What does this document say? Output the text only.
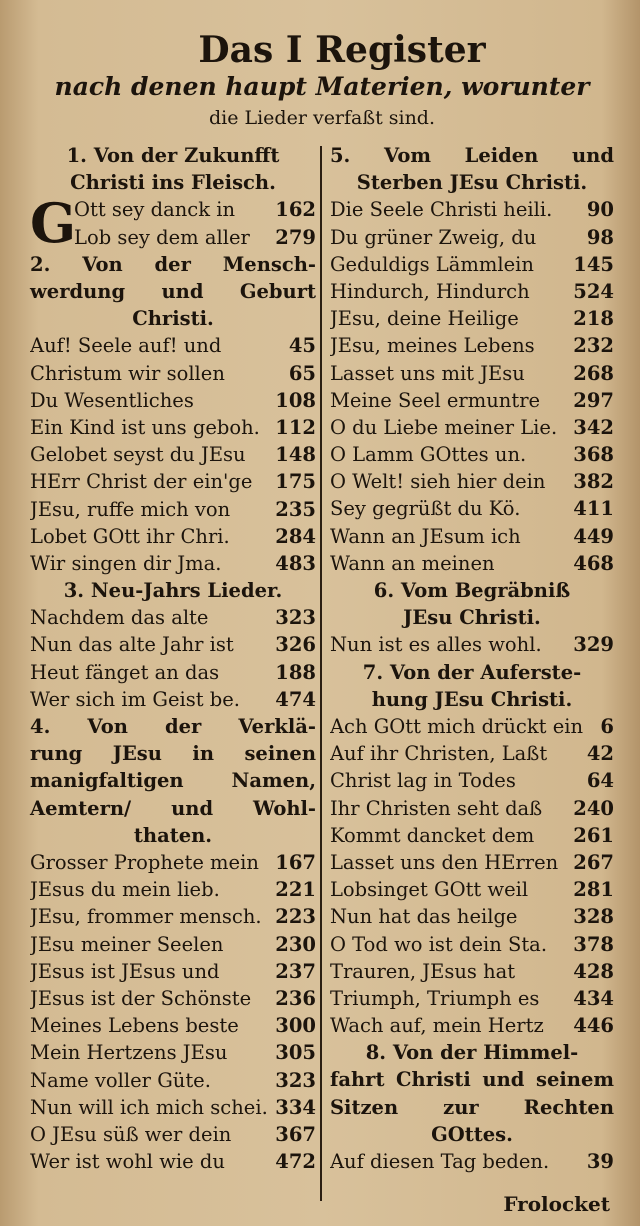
Das I Register
nach denen haupt Materien, worunter
die Lieder verfaßt sind.
1. Von der Zukunfft
Christi ins Fleisch.
G
Ott sey danck in 162
Lob sey dem aller 279
2. Von der Mensch-
werdung und Geburt
Christi.
Auf! Seele auf! und	45
Christum wir sollen	65
Du Wesentliches	108
Ein Kind ist uns geboh. 112
Gelobet seyst du JEsu 148
HErr Christ der ein'ge 175
JEsu, ruffe mich von 235
Lobet GOtt ihr Chri. 284
Wir singen dir Jma.	483
3. Neu-Jahrs Lieder.
Nachdem das alte	323
Nun das alte Jahr ist 326
Heut fänget an das	188
Wer sich im Geist be. 474
4. Von der Verklä-
rung JEsu in seinen
manigfaltigen Namen,
Aemtern/ und Wohl-
thaten.
Grosser Prophete mein 167
JEsus du mein lieb.	221
JEsu, frommer mensch. 223
JEsu meiner Seelen	230
JEsus ist JEsus und	237
JEsus ist der Schönste 236
Meines Lebens beste 300
Mein Hertzens JEsu 305
Name voller Güte.	323
Nun will ich mich schei. 334
O JEsu süß wer dein 367
Wer ist wohl wie du	472
5. Vom Leiden und
Sterben JEsu Christi.
Die Seele Christi heili. 90
Du grüner Zweig, du	98
Geduldigs Lämmlein 145
Hindurch, Hindurch 524
JEsu, deine Heilige	218
JEsu, meines Lebens 232
Lasset uns mit JEsu 268
Meine Seel ermuntre 297
O du Liebe meiner Lie. 342
O Lamm GOttes un. 368
O Welt! sieh hier dein 382
Sey gegrüßt du Kö.	411
Wann an JEsum ich	449
Wann an meinen	468
6. Vom Begräbniß
JEsu Christi.
Nun ist es alles wohl. 329
7. Von der Auferste-
hung JEsu Christi.
Ach GOtt mich drückt ein 6
Auf ihr Christen, Laßt 42
Christ lag in Todes	64
Ihr Christen seht daß 240
Kommt dancket dem 261
Lasset uns den HErren 267
Lobsinget GOtt weil 281
Nun hat das heilge	328
O Tod wo ist dein Sta. 378
Trauren, JEsus hat	428
Triumph, Triumph es 434
Wach auf, mein Hertz 446
8. Von der Himmel-
fahrt Christi und seinem
Sitzen zur Rechten
GOttes.
Auf diesen Tag beden. 39
Frolocket
